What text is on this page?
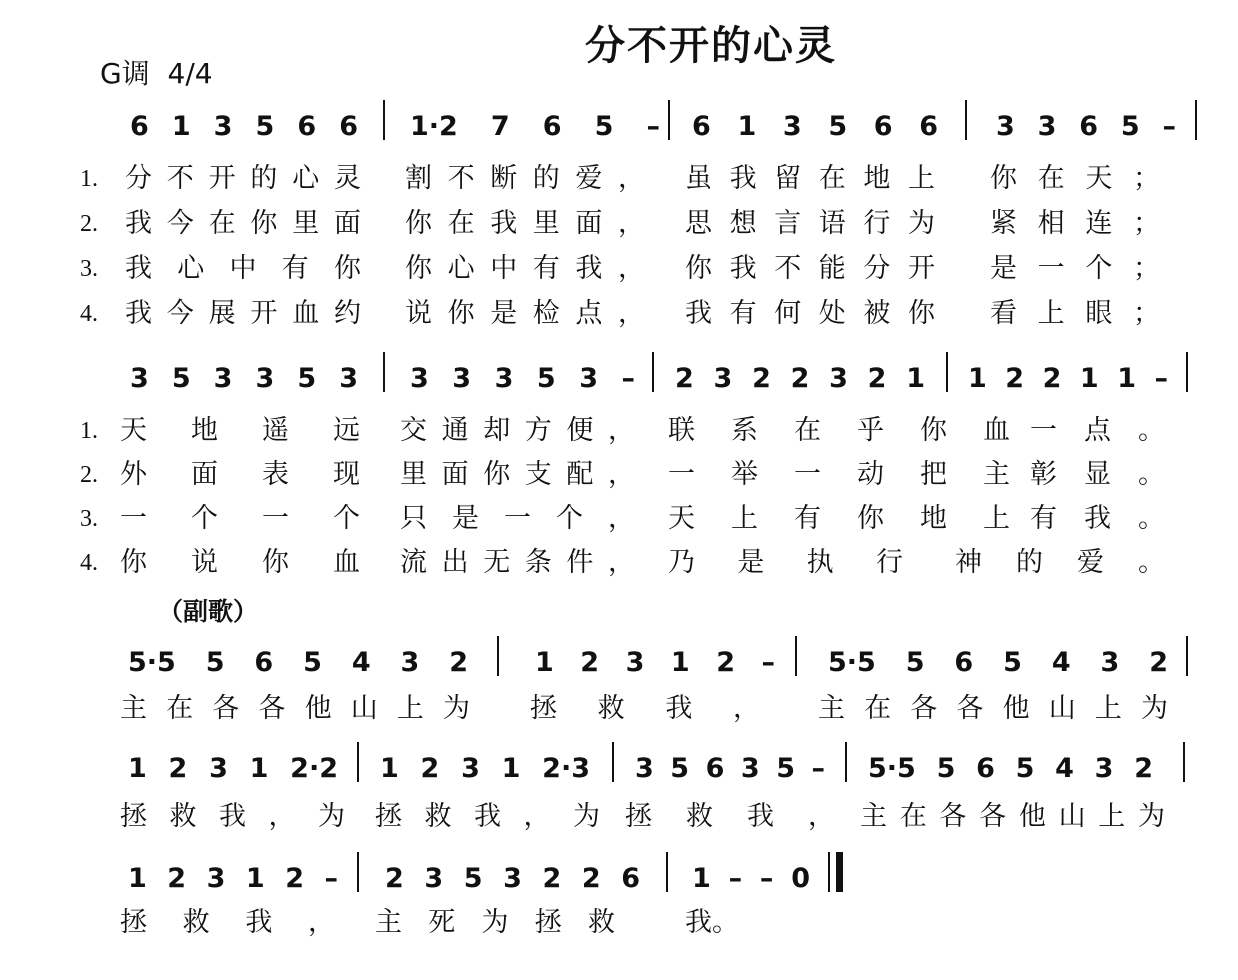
分不开的心灵
G调  4/4
6 1 3 5 6 6 1·2 7 6 5 – 6 1 3 5 6 6 3 3 6 5 –
1.	分不开的心灵 割不断的爱， 虽我留在地上 你在天；
2.	我今在你里面 你在我里面， 思想言语行为 紧相连；
3.	我心中有你 你心中有我， 你我不能分开 是一个；
4.	我今展开血约 说你是检点， 我有何处被你 看上眼；
3 5 3 3 5 3 3 3 3 5 3 – 2 3 2 2 3 2 1 1 2 2 1 1 –
1. 天地遥远 交通却方便， 联系在乎你血 一点。
2. 外面表现 里面你支配， 一举一动把主 彰显。
3. 一个一个 只是一个， 天上有你地上 有我。
4. 你说你血 流出无条件， 乃是执行 神的爱。
（副歌）
5·5 5 6 5 4 3 2 1 2 3 1 2 – 5·5 5 6 5 4 3 2
主在各各他山上为 拯救我， 主在各各他山上为
1 2 3 1 2·2 1 2 3 1 2·3 3 5 6 3 5 – 5·5 5 6 5 4 3 2
拯救我，为 拯救我，为 拯救我， 主在各各他山上为
1 2 3 1 2 – 2 3 5 3 2 2 6 1 – – 0
拯救我， 主死为拯救	我。
